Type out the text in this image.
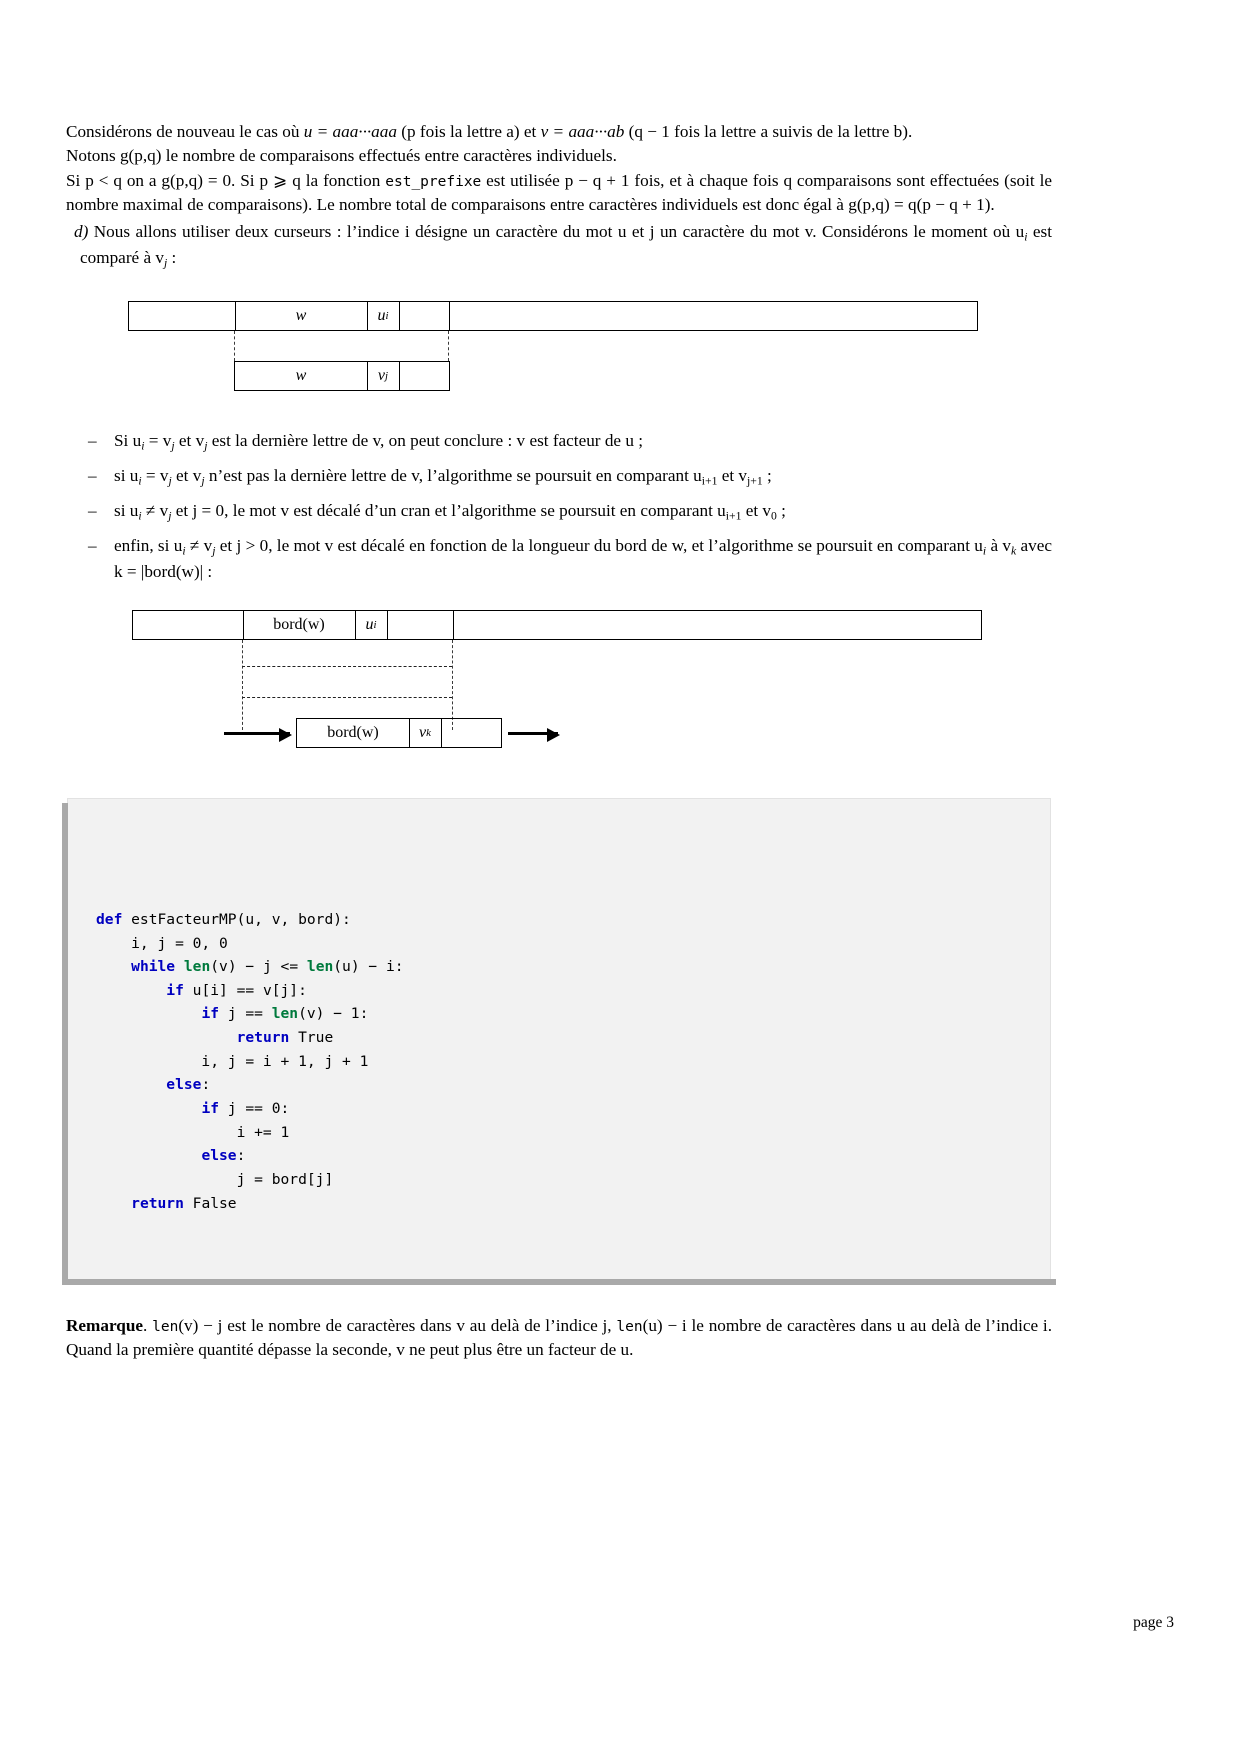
Considérons de nouveau le cas où u = aaa···aaa (p fois la lettre a) et v = aaa···ab (q − 1 fois la lettre a suivis de la lettre b).
Notons g(p,q) le nombre de comparaisons effectués entre caractères individuels.

Si p < q on a g(p,q) = 0. Si p ⩾ q la fonction est_prefixe est utilisée p − q + 1 fois, et à chaque fois q comparaisons sont effectuées (soit le nombre maximal de comparaisons). Le nombre total de comparaisons entre caractères individuels est donc égal à g(p,q) = q(p − q + 1).

d) Nous allons utiliser deux curseurs : l’indice i désigne un caractère du mot u et j un caractère du mot v. Considérons le moment où $u_i$ est comparé à $v_j$ :

w	u i
w	v j
– Si $u_i = v_j$ et $v_j$ est la dernière lettre de v, on peut conclure : v est facteur de u ;
– si $u_i = v_j$ et $v_j$ n’est pas la dernière lettre de v, l’algorithme se poursuit en comparant $u_{i+1}$ et $v_{j+1}$ ;
– si $u_i \ne v_j$ et j = 0, le mot v est décalé d’un cran et l’algorithme se poursuit en comparant $u_{i+1}$ et $v_0$ ;
– enfin, si $u_i \ne v_j$ et j > 0, le mot v est décalé en fonction de la longueur du bord de w, et l’algorithme se poursuit en comparant $u_i$ à $v_k$ avec k = |bord(w)| :
bord(w)	u i
bord(w)	v k

def estFacteurMP(u, v, bord):
i, j = 0, 0
while len(v) − j <= len(u) − i:
if u[i] == v[j]:
if j == len(v) − 1:
return True
i, j = i + 1, j + 1
else:
if j == 0:
i += 1
else:
j = bord[j]
return False

Remarque. len(v) − j est le nombre de caractères dans v au delà de l’indice j, len(u) − i le nombre de caractères dans u au delà de l’indice i. Quand la première quantité dépasse la seconde, v ne peut plus être un facteur de u.

page 3
